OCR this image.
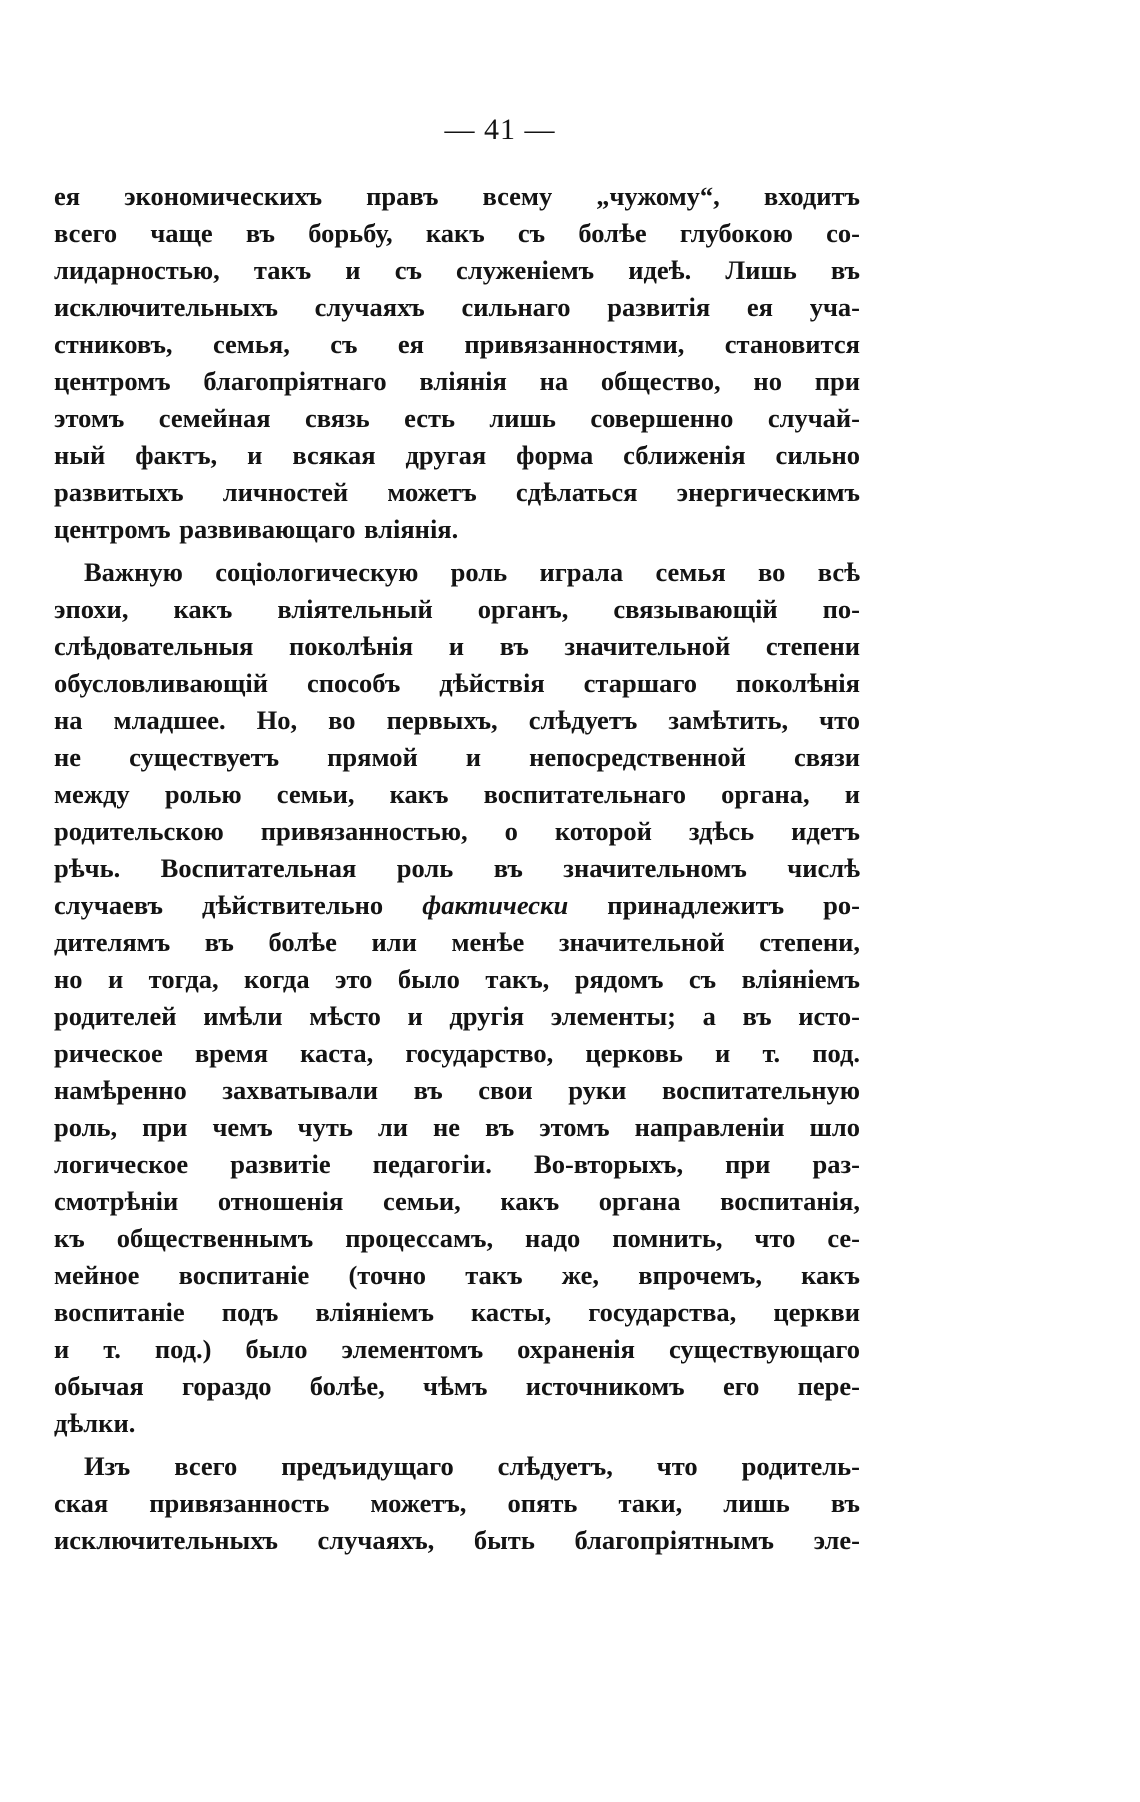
— 41 —
ея экономическихъ правъ всему „чужому“, входитъ
всего чаще въ борьбу, какъ съ болѣе глубокою со-
лидарностью, такъ и съ служеніемъ идеѣ. Лишь въ
исключительныхъ случаяхъ сильнаго развитія ея уча-
стниковъ, семья, съ ея привязанностями, становится
центромъ благопріятнаго вліянія на общество, но при
этомъ семейная связь есть лишь совершенно случай-
ный фактъ, и всякая другая форма сближенія сильно
развитыхъ личностей можетъ сдѣлаться энергическимъ
центромъ развивающаго вліянія.
Важную соціологическую роль играла семья во всѣ
эпохи, какъ вліятельный органъ, связывающій по-
слѣдовательныя поколѣнія и въ значительной степени
обусловливающій способъ дѣйствія старшаго поколѣнія
на младшее. Но, во первыхъ, слѣдуетъ замѣтить, что
не существуетъ прямой и непосредственной связи
между ролью семьи, какъ воспитательнаго органа, и
родительскою привязанностью, о которой здѣсь идетъ
рѣчь. Воспитательная роль въ значительномъ числѣ
случаевъ дѣйствительно фактически принадлежитъ ро-
дителямъ въ болѣе или менѣе значительной степени,
но и тогда, когда это было такъ, рядомъ съ вліяніемъ
родителей имѣли мѣсто и другія элементы; а въ исто-
рическое время каста, государство, церковь и т. под.
намѣренно захватывали въ свои руки воспитательную
роль, при чемъ чуть ли не въ этомъ направленіи шло
логическое развитіе педагогіи. Во-вторыхъ, при раз-
смотрѣніи отношенія семьи, какъ органа воспитанія,
къ общественнымъ процессамъ, надо помнить, что се-
мейное воспитаніе (точно такъ же, впрочемъ, какъ
воспитаніе подъ вліяніемъ касты, государства, церкви
и т. под.) было элементомъ охраненія существующаго
обычая гораздо болѣе, чѣмъ источникомъ его пере-
дѣлки.
Изъ всего предъидущаго слѣдуетъ, что родитель-
ская привязанность можетъ, опять таки, лишь въ
исключительныхъ случаяхъ, быть благопріятнымъ эле-
